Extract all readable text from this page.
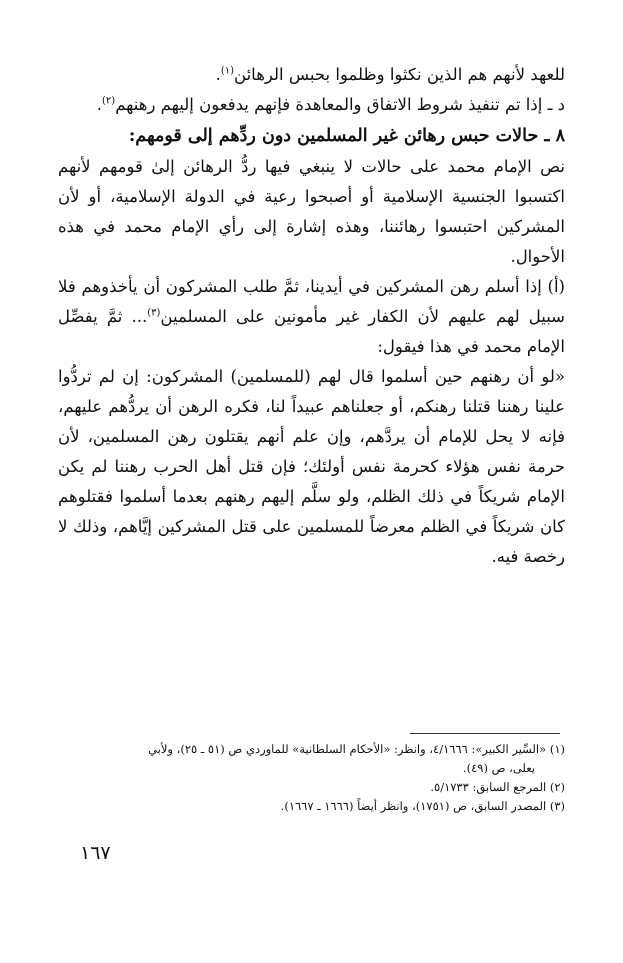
للعهد لأنهم هم الذين نكثوا وظلموا بحبس الرهائن$^{(١)}$.

د ـ إذا تم تنفيذ شروط الاتفاق والمعاهدة فإنهم يدفعون إليهم رهنهم$^{(٢)}$.

٨ ـ حالات حبس رهائن غير المسلمين دون ردِّهم إلى قومهم:

نص الإمام محمد على حالات لا ينبغي فيها ردُّ الرهائن إلىٰ قومهم لأنهم اكتسبوا الجنسية الإسلامية أو أصبحوا رعية في الدولة الإسلامية، أو لأن المشركين احتبسوا رهائننا، وهذه إشارة إلى رأي الإمام محمد في هذه الأحوال.

(أ) إذا أسلم رهن المشركين في أيدينا، ثمَّ طلب المشركون أن يأخذوهم فلا سبيل لهم عليهم لأن الكفار غير مأمونين على المسلمين$^{(٣)}$... ثمَّ يفصِّل الإمام محمد في هذا فيقول:

«لو أن رهنهم حين أسلموا قال لهم (للمسلمين) المشركون: إن لم تردُّوا علينا رهننا قتلنا رهنكم، أو جعلناهم عبيداً لنا، فكره الرهن أن يردُّهم عليهم، فإنه لا يحل للإمام أن يردَّهم، وإن علم أنهم يقتلون رهن المسلمين، لأن حرمة نفس هؤلاء كحرمة نفس أولئك؛ فإن قتل أهل الحرب رهننا لم يكن الإمام شريكاً في ذلك الظلم، ولو سلَّم إليهم رهنهم بعدما أسلموا فقتلوهم كان شريكاً في الظلم معرضاً للمسلمين على قتل المشركين إيَّاهم، وذلك لا رخصة فيه.

(١) «السِّير الكبير»: ٤/١٦٦٦، وانظر: «الأحكام السلطانية» للماوردي ص (٥١ ـ ٢٥)، ولأبي
يعلى، ص (٤٩).
(٢) المرجع السابق: ٥/١٧٣٣.
(٣) المصدر السابق، ص (١٧٥١)، وانظر أيضاً (١٦٦٦ ـ ١٦٦٧).
١٦٧
